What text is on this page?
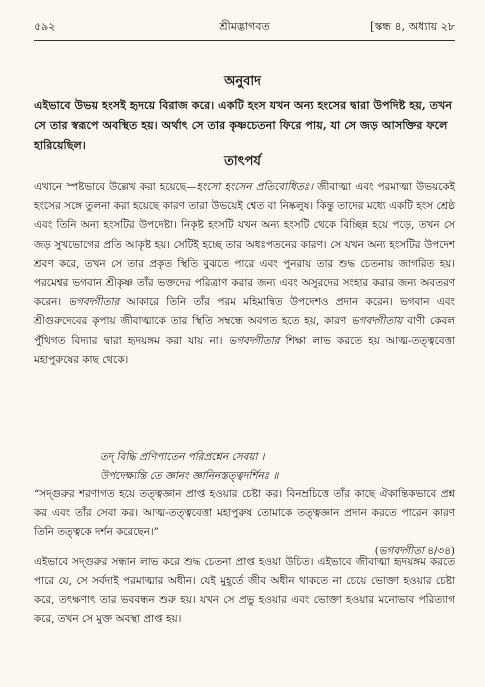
৫৯২	শ্রীমদ্ভাগবত	[স্কন্ধ ৪, অধ্যায় ২৮
অনুবাদ
এইভাবে উভয় হংসই হৃদয়ে বিরাজ করে। একটি হংস যখন অন্য হংসের দ্বারা উপদিষ্ট হয়, তখন সে তার স্বরূপে অবস্থিত হয়। অর্থাৎ সে তার কৃষ্ণচেতনা ফিরে পায়, যা সে জড় আসক্তির ফলে হারিয়েছিল।
তাৎপর্য

এখানে স্পষ্টভাবে উল্লেখ করা হয়েছে—হংসো হংসেন প্রতিবোধিতঃ। জীবাত্মা এবং পরমাত্মা উভয়কেই হংসের সঙ্গে তুলনা করা হয়েছে কারণ তারা উভয়েই শ্বেত বা নিষ্কলুষ। কিন্তু তাদের মধ্যে একটি হংস শ্রেষ্ঠ এবং তিনি অন্য হংসটির উপদেষ্টা। নিকৃষ্ট হংসটি যখন অন্য হংসটি থেকে বিচ্ছিন্ন হয়ে পড়ে, তখন সে জড় সুখভোগের প্রতি আকৃষ্ট হয়। সেটিই হচ্ছে তার অধঃপতনের কারণ। সে যখন অন্য হংসটির উপদেশ শ্রবণ করে, তখন সে তার প্রকৃত স্থিতি বুঝতে পারে এবং পুনরায় তার শুদ্ধ চেতনায় জাগরিত হয়। পরমেশ্বর ভগবান শ্রীকৃষ্ণ তাঁর ভক্তদের পরিত্রাণ করার জন্য এবং অসুরদের সংহার করার জন্য অবতরণ করেন। ভগবদ্গীতার আকারে তিনি তাঁর পরম মহিমান্বিত উপদেশও প্রদান করেন। ভগবান এবং শ্রীগুরুদেবের কৃপায় জীবাত্মাকে তার স্থিতি সম্বন্ধে অবগত হতে হয়, কারণ ভগবদ্গীতায় বাণী কেবল পুঁথিগত বিদ্যার দ্বারা হৃদয়ঙ্গম করা যায় না। ভগবদ্গীতার শিক্ষা লাভ করতে হয় আত্ম-তত্ত্ববেত্তা মহাপুরুষের কাছ থেকে।

তদ্ বিদ্ধি প্রণিপাতেন পরিপ্রশ্নেন সেবয়া ।
উপদেক্ষ্যন্তি তে জ্ঞানং জ্ঞানিনস্তত্ত্বদর্শিনঃ ॥
“সদ্গুরুর শরণাগত হয়ে তত্ত্বজ্ঞান প্রাপ্ত হওয়ার চেষ্টা কর। বিনম্রচিত্তে তাঁর কাছে ঐকান্তিকভাবে প্রশ্ন কর এবং তাঁর সেবা কর। আত্ম-তত্ত্ববেত্তা মহাপুরুষ তোমাকে তত্ত্বজ্ঞান প্রদান করতে পারেন কারণ তিনি তত্ত্বকে দর্শন করেছেন।”
(ভগবদ্গীতা ৪/৩৪)

এইভাবে সদ্গুরুর সন্ধান লাভ করে শুদ্ধ চেতনা প্রাপ্ত হওয়া উচিত। এইভাবে জীবাত্মা হৃদয়ঙ্গম করতে পারে যে, সে সর্বদাই পরমাত্মার অধীন। যেই মুহূর্তে জীব অধীন থাকতে না চেয়ে ভোক্তা হওয়ার চেষ্টা করে, তৎক্ষণাৎ তার ভববন্ধন শুরু হয়। যখন সে প্রভু হওয়ার এবং ভোক্তা হওয়ার মনোভাব পরিত্যাগ করে, তখন সে মুক্ত অবস্থা প্রাপ্ত হয়।
